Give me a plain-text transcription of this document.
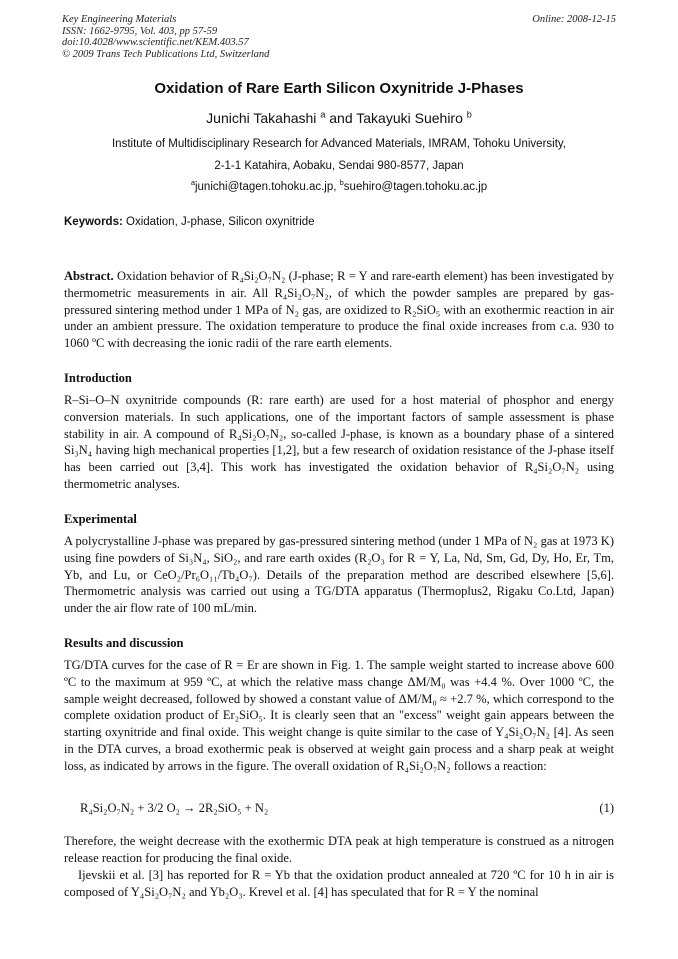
Key Engineering Materials
ISSN: 1662-9795, Vol. 403, pp 57-59
doi:10.4028/www.scientific.net/KEM.403.57
© 2009 Trans Tech Publications Ltd, Switzerland
Online: 2008-12-15
Oxidation of Rare Earth Silicon Oxynitride J-Phases
Junichi Takahashi $^a$ and Takayuki Suehiro $^b$
Institute of Multidisciplinary Research for Advanced Materials, IMRAM, Tohoku University,
2-1-1 Katahira, Aobaku, Sendai 980-8577, Japan
$^a$junichi@tagen.tohoku.ac.jp, $^b$suehiro@tagen.tohoku.ac.jp
Keywords: Oxidation, J-phase, Silicon oxynitride
Abstract. Oxidation behavior of R₄Si₂O₇N₂ (J-phase; R = Y and rare-earth element) has been investigated by thermometric measurements in air. All R₄Si₂O₇N₂, of which the powder samples are prepared by gas-pressured sintering method under 1 MPa of N₂ gas, are oxidized to R₂SiO₅ with an exothermic reaction in air under an ambient pressure. The oxidation temperature to produce the final oxide increases from c.a. 930 to 1060 ºC with decreasing the ionic radii of the rare earth elements.
Introduction
R–Si–O–N oxynitride compounds (R: rare earth) are used for a host material of phosphor and energy conversion materials. In such applications, one of the important factors of sample assessment is phase stability in air. A compound of R₄Si₂O₇N₂, so-called J-phase, is known as a boundary phase of a sintered Si₃N₄ having high mechanical properties [1,2], but a few research of oxidation resistance of the J-phase itself has been carried out [3,4]. This work has investigated the oxidation behavior of R₄Si₂O₇N₂ using thermometric analyses.
Experimental
A polycrystalline J-phase was prepared by gas-pressured sintering method (under 1 MPa of N₂ gas at 1973 K) using fine powders of Si₃N₄, SiO₂, and rare earth oxides (R₂O₃ for R = Y, La, Nd, Sm, Gd, Dy, Ho, Er, Tm, Yb, and Lu, or CeO₂/Pr₆O₁₁/Tb₄O₇). Details of the preparation method are described elsewhere [5,6]. Thermometric analysis was carried out using a TG/DTA apparatus (Thermoplus2, Rigaku Co.Ltd, Japan) under the air flow rate of 100 mL/min.
Results and discussion
TG/DTA curves for the case of R = Er are shown in Fig. 1. The sample weight started to increase above 600 ºC to the maximum at 959 ºC, at which the relative mass change ΔM/M₀ was +4.4 %. Over 1000 ºC, the sample weight decreased, followed by showed a constant value of ΔM/M₀ ≈ +2.7 %, which correspond to the complete oxidation product of Er₂SiO₅. It is clearly seen that an "excess" weight gain appears between the starting oxynitride and final oxide. This weight change is quite similar to the case of Y₄Si₂O₇N₂ [4]. As seen in the DTA curves, a broad exothermic peak is observed at weight gain process and a sharp peak at weight loss, as indicated by arrows in the figure. The overall oxidation of R₄Si₂O₇N₂ follows a reaction:
R₄Si₂O₇N₂ + 3/2 O₂ → 2R₂SiO₅ + N₂	(1)
Therefore, the weight decrease with the exothermic DTA peak at high temperature is construed as a nitrogen release reaction for producing the final oxide.
Ijevskii et al. [3] has reported for R = Yb that the oxidation product annealed at 720 ºC for 10 h in air is composed of Y₄Si₂O₇N₂ and Yb₂O₃. Krevel et al. [4] has speculated that for R = Y the nominal
